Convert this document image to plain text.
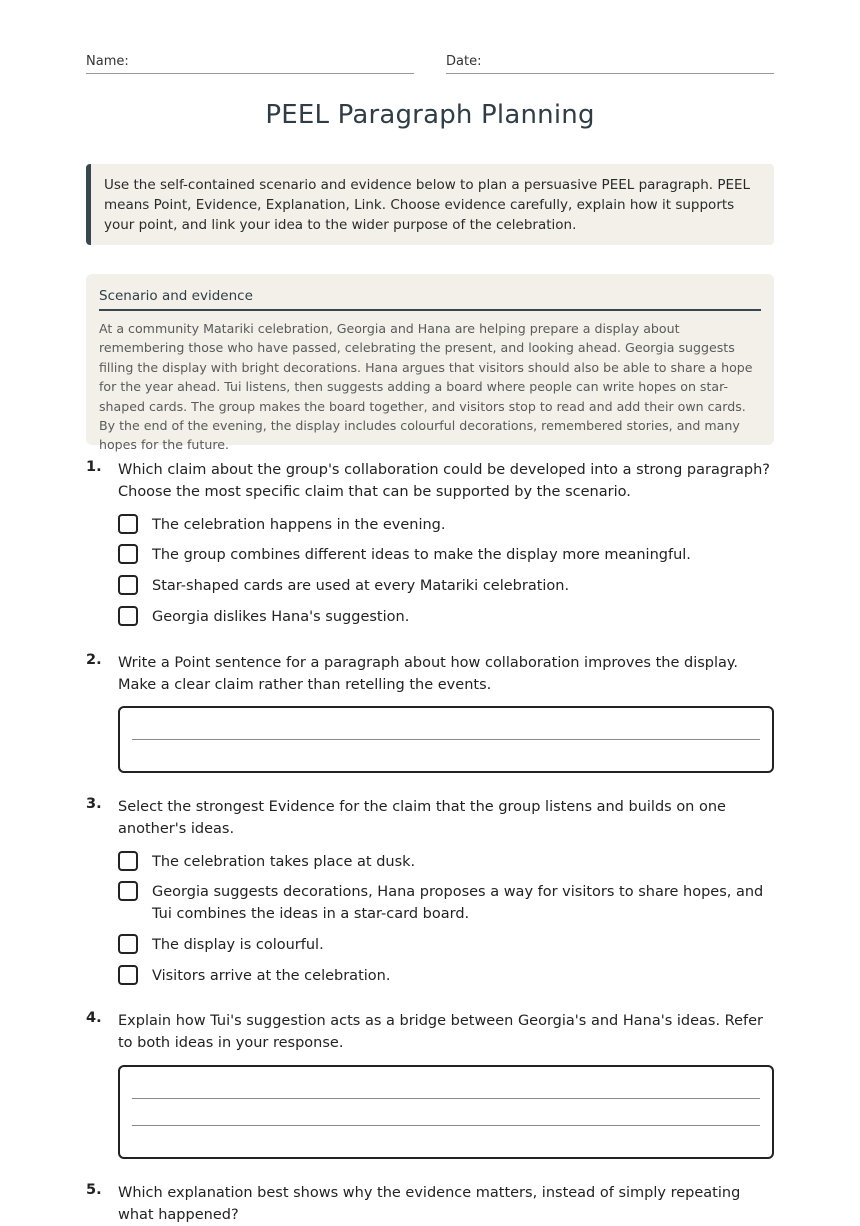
Name:	Date:
PEEL Paragraph Planning
Use the self-contained scenario and evidence below to plan a persuasive PEEL paragraph. PEEL means Point, Evidence, Explanation, Link. Choose evidence carefully, explain how it supports your point, and link your idea to the wider purpose of the celebration.
Scenario and evidence
At a community Matariki celebration, Georgia and Hana are helping prepare a display about remembering those who have passed, celebrating the present, and looking ahead. Georgia suggests filling the display with bright decorations. Hana argues that visitors should also be able to share a hope for the year ahead. Tui listens, then suggests adding a board where people can write hopes on star-shaped cards. The group makes the board together, and visitors stop to read and add their own cards. By the end of the evening, the display includes colourful decorations, remembered stories, and many hopes for the future.
1. Which claim about the group's collaboration could be developed into a strong paragraph? Choose the most specific claim that can be supported by the scenario.
The celebration happens in the evening.
The group combines different ideas to make the display more meaningful.
Star-shaped cards are used at every Matariki celebration.
Georgia dislikes Hana's suggestion.
2. Write a Point sentence for a paragraph about how collaboration improves the display. Make a clear claim rather than retelling the events.
3. Select the strongest Evidence for the claim that the group listens and builds on one another's ideas.
The celebration takes place at dusk.
Georgia suggests decorations, Hana proposes a way for visitors to share hopes, and Tui combines the ideas in a star-card board.
The display is colourful.
Visitors arrive at the celebration.
4. Explain how Tui's suggestion acts as a bridge between Georgia's and Hana's ideas. Refer to both ideas in your response.
5. Which explanation best shows why the evidence matters, instead of simply repeating what happened?
